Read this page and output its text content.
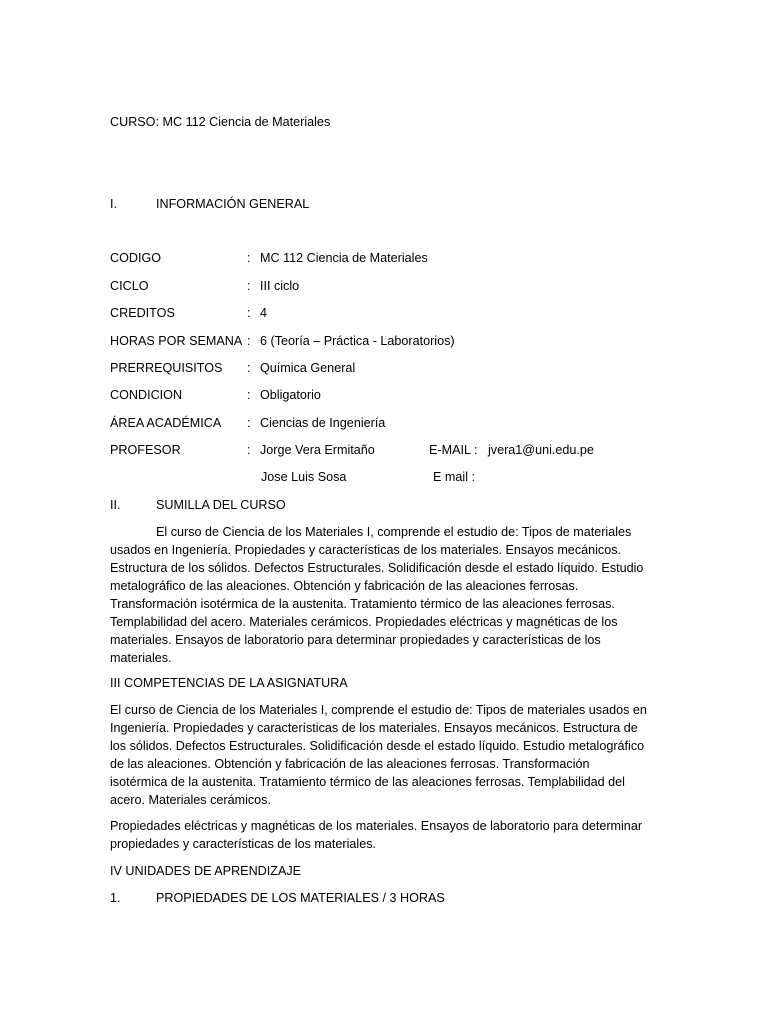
CURSO: MC 112 Ciencia de Materiales
I.	INFORMACIÓN GENERAL
CODIGO	: MC 112 Ciencia de Materiales
CICLO	: III ciclo
CREDITOS	: 4
HORAS POR SEMANA : 6 (Teoría – Práctica - Laboratorios)
PRERREQUISITOS : Química General
CONDICION	: Obligatorio
ÁREA ACADÉMICA : Ciencias de Ingeniería
PROFESOR	: Jorge Vera Ermitaño	E-MAIL : jvera1@uni.edu.pe
Jose Luis Sosa	E mail :
II.	SUMILLA DEL CURSO
El curso de Ciencia de los Materiales I, comprende el estudio de: Tipos de materiales usados en Ingeniería. Propiedades y características de los materiales. Ensayos mecánicos. Estructura de los sólidos. Defectos Estructurales. Solidificación desde el estado líquido. Estudio metalográfico de las aleaciones. Obtención y fabricación de las aleaciones ferrosas. Transformación isotérmica de la austenita. Tratamiento térmico de las aleaciones ferrosas. Templabilidad del acero. Materiales cerámicos. Propiedades eléctricas y magnéticas de los materiales. Ensayos de laboratorio para determinar propiedades y características de los materiales.
III COMPETENCIAS DE LA ASIGNATURA
El curso de Ciencia de los Materiales I, comprende el estudio de: Tipos de materiales usados en Ingeniería. Propiedades y características de los materiales. Ensayos mecánicos. Estructura de los sólidos. Defectos Estructurales. Solidificación desde el estado líquido. Estudio metalográfico de las aleaciones. Obtención y fabricación de las aleaciones ferrosas. Transformación isotérmica de la austenita. Tratamiento térmico de las aleaciones ferrosas. Templabilidad del acero. Materiales cerámicos.
Propiedades eléctricas y magnéticas de los materiales. Ensayos de laboratorio para determinar propiedades y características de los materiales.
IV UNIDADES DE APRENDIZAJE
1.	PROPIEDADES DE LOS MATERIALES / 3 HORAS
